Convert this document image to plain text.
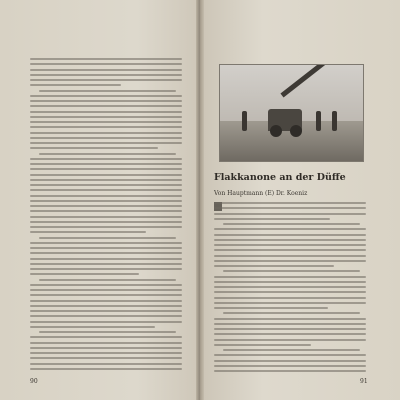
90
Flakkanone an der Düffe
Von Hauptmann (E) Dr. Koeniz
91
